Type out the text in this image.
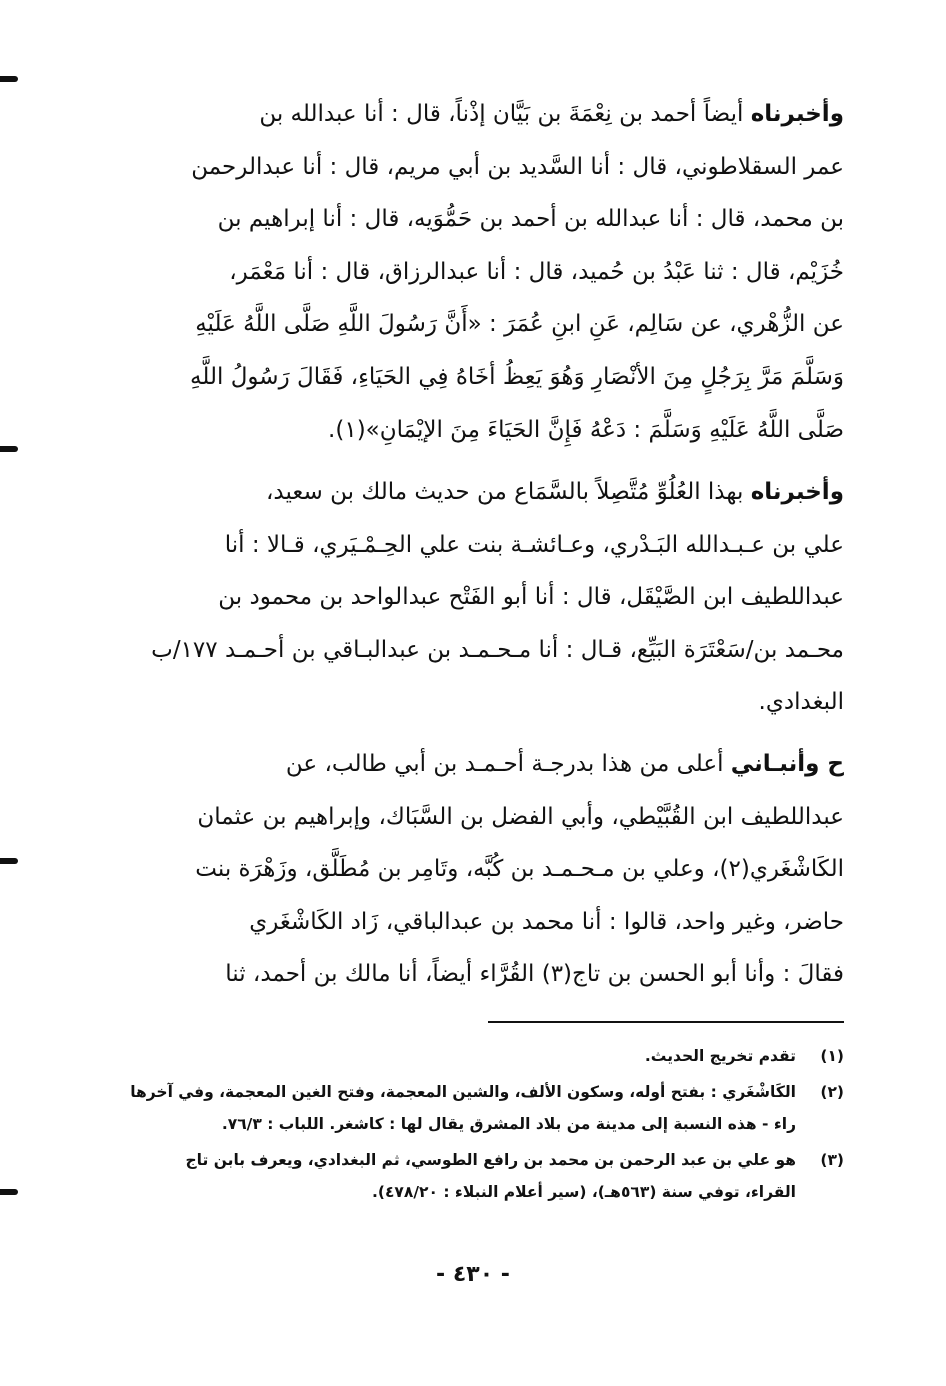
وأخبرناه أيضاً أحمد بن نِعْمَةَ بن بَيَّان إذْناً، قال : أنا عبدالله بن
عمر السقلاطوني، قال : أنا السَّديد بن أبي مريم، قال : أنا عبدالرحمن
بن محمد، قال : أنا عبدالله بن أحمد بن حَمُّوَيه، قال : أنا إبراهيم بن
خُزَيْم، قال : ثنا عَبْدُ بن حُميد، قال : أنا عبدالرزاق، قال : أنا مَعْمَر،
عن الزُّهْري، عن سَالِم، عَنِ ابنِ عُمَرَ : «أَنَّ رَسُولَ اللَّهِ صَلَّى اللَّهُ عَلَيْهِ
وَسَلَّمَ مَرَّ بِرَجُلٍ مِنَ الأنْصَارِ وَهُوَ يَعِظُ أخَاهُ فِي الحَيَاءِ، فَقَالَ رَسُولُ اللَّهِ
صَلَّى اللَّهُ عَلَيْهِ وَسَلَّمَ : دَعْهُ فَإِنَّ الحَيَاءَ مِنَ الإيْمَانِ»(١).
وأخبرناه بهذا العُلُوِّ مُتَّصِلاً بالسَّمَاع من حديث مالك بن سعيد،
علي بن عـبـدالله البَـدْري، وعـائشـة بنت علي الحِـمْـيَري، قـالا : أنا
عبداللطيف ابن الصَّيْقَل، قال : أنا أبو الفَتْح عبدالواحد بن محمود بن
محـمد بن/سَعْتَرَة البَيِّع، قـال : أنا مـحـمـد بن عبدالبـاقي بن أحـمـد ١٧٧/ب
البغدادي.
ح وأنبـاني أعلى من هذا بدرجـة أحـمـد بن أبي طالب، عن
عبداللطيف ابن القُبَّيْطي، وأبي الفضل بن السَّبَاك، وإبراهيم بن عثمان
الكَاشْغَري(٢)، وعلي بن مـحـمـد بن كُبَّه، وتَامِر بن مُطَلَّق، وزَهْرَة بنت
حاضر، وغير واحد، قالوا : أنا محمد بن عبدالباقي، زَاد الكَاشْغَري
فقالَ : وأنا أبو الحسن بن تاج(٣) القُرَّاء أيضاً، أنا مالك بن أحمد، ثنا
(١)
تقدم تخريج الحديث.
(٢)
الكَاشْغَري : بفتح أوله، وسكون الألف، والشين المعجمة، وفتح الغين المعجمة، وفي آخرها
راء - هذه النسبة إلى مدينة من بلاد المشرق يقال لها : كاشغر. اللباب : ٧٦/٣.
(٣)
هو علي بن عبد الرحمن بن محمد بن رافع الطوسي، ثم البغدادي، ويعرف بابن تاج
القراء، توفي سنة (٥٦٣هـ)، (سير أعلام النبلاء : ٤٧٨/٢٠).
- ٤٣٠ -
